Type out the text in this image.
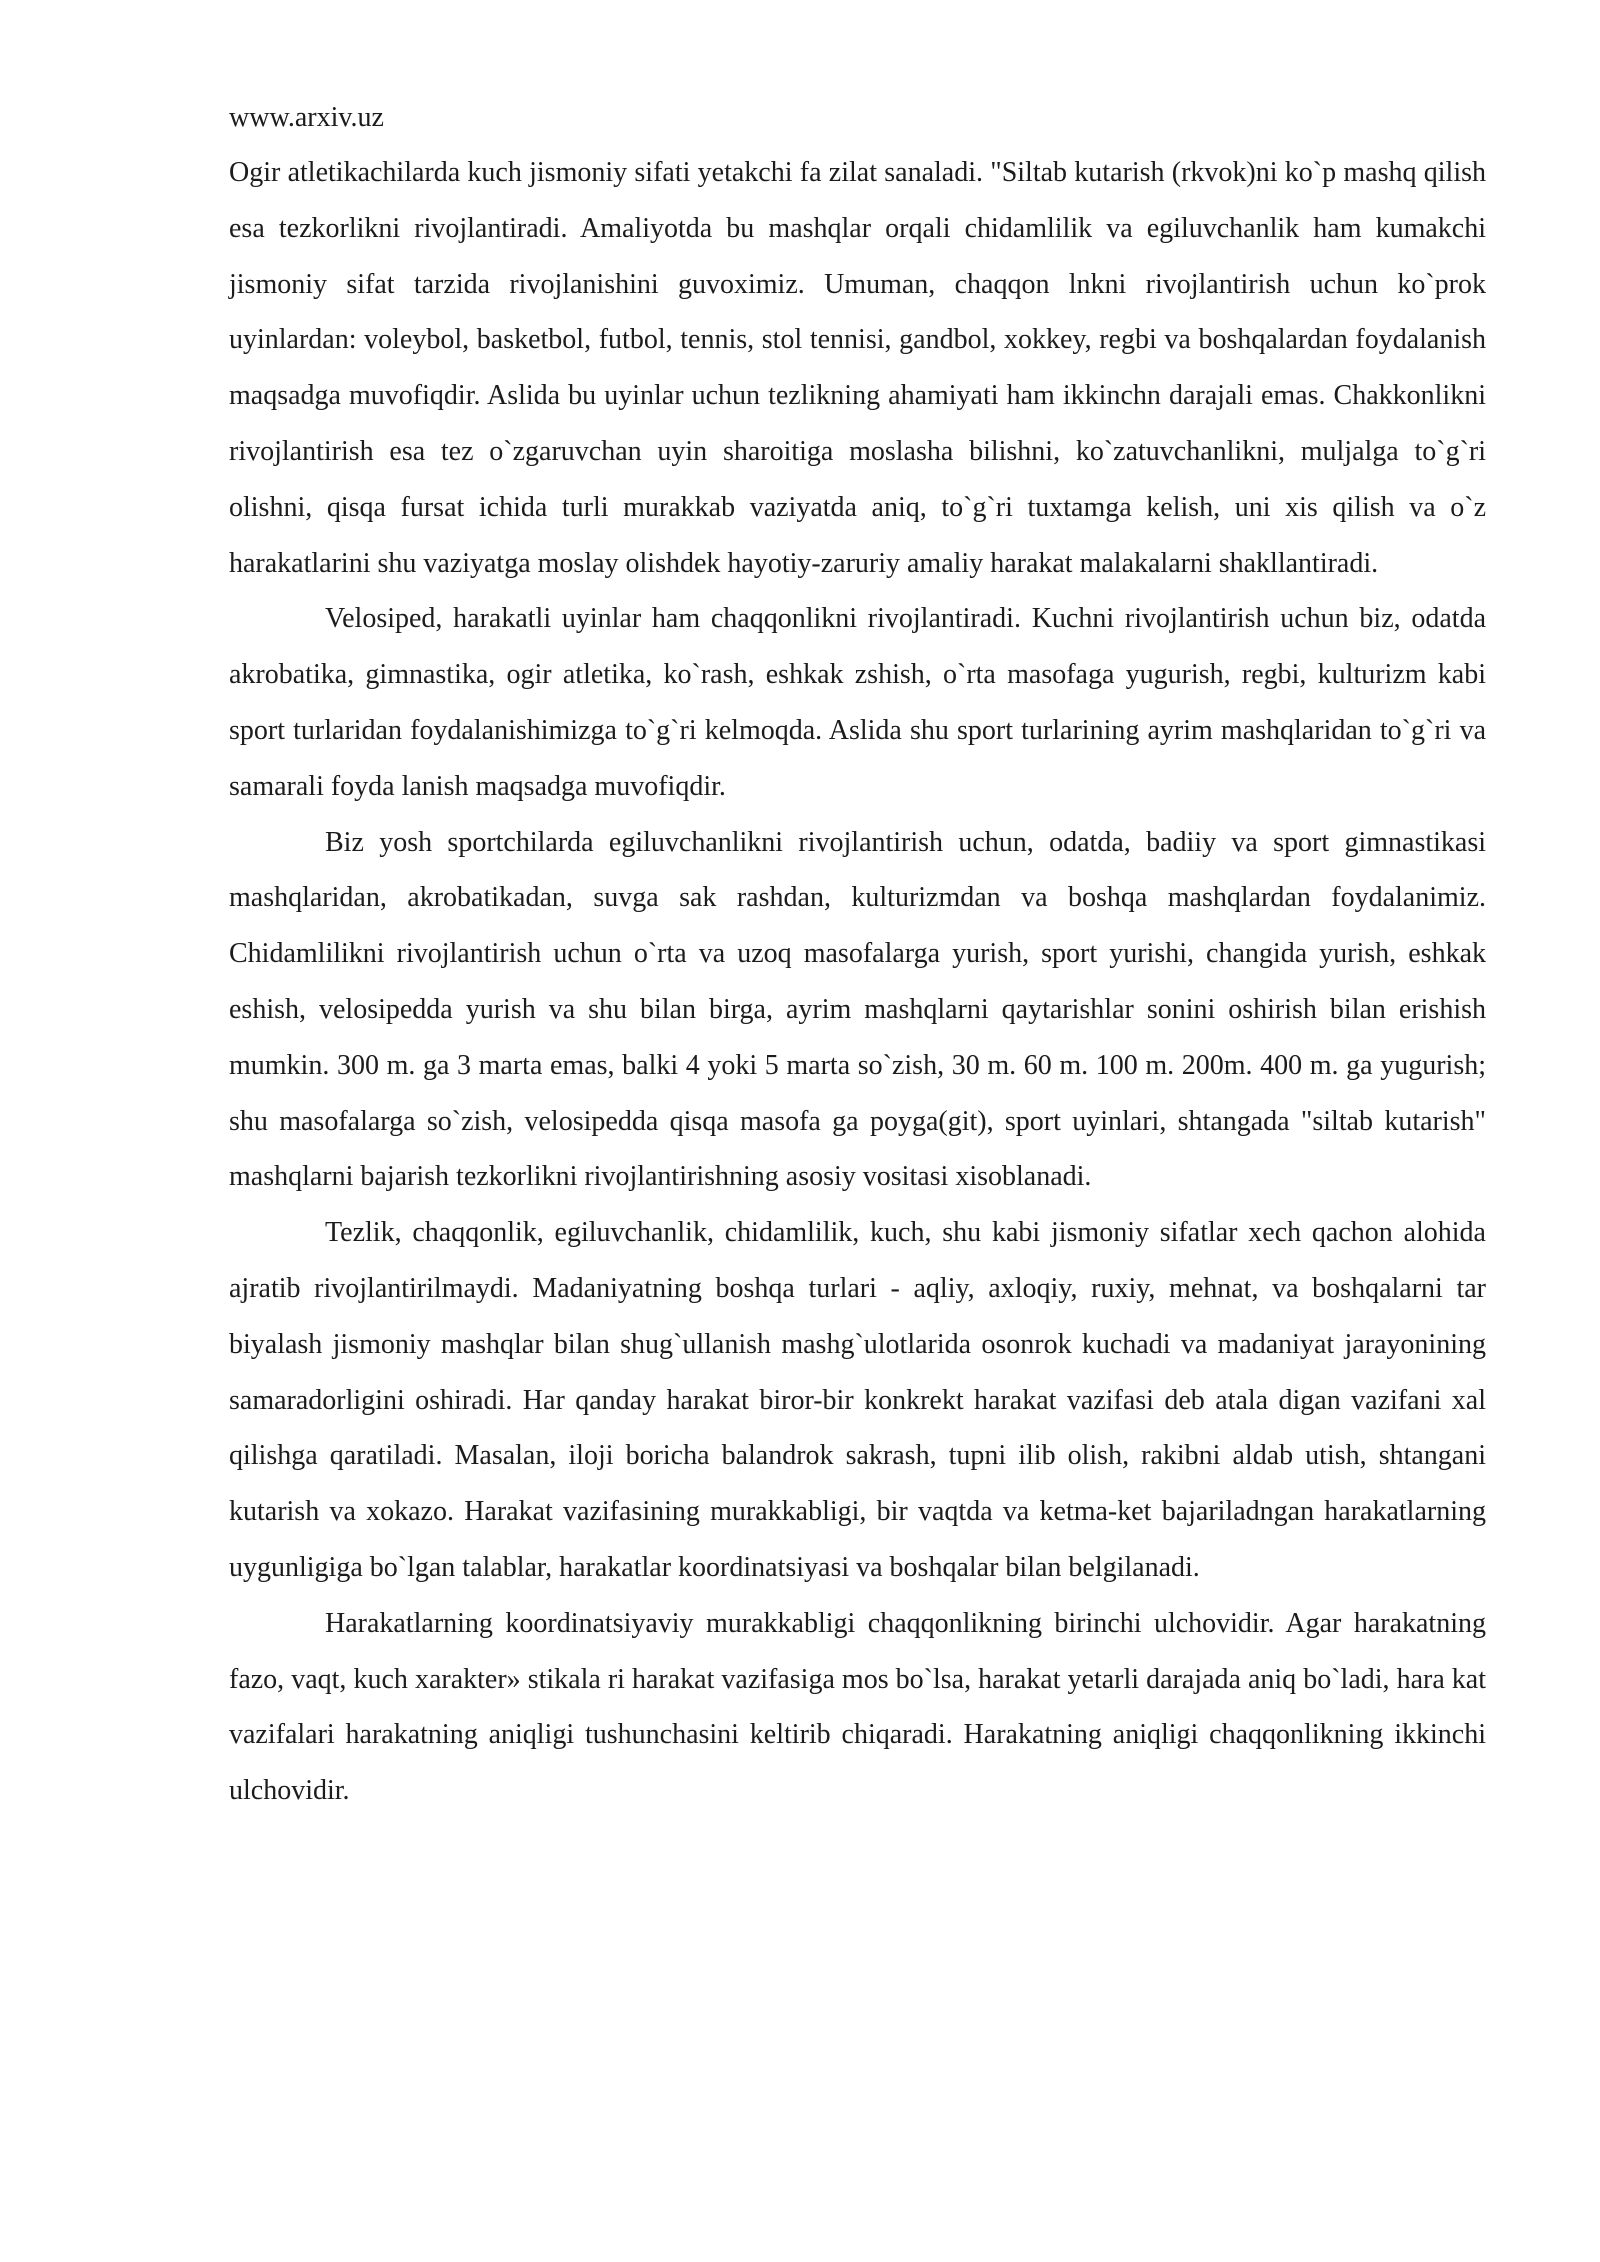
www.arxiv.uz

Ogir atletikachilarda kuch jismoniy sifati yetakchi fa zilat sanaladi. "Siltab kutarish (rkvok)ni ko`p mashq qilish esa tezkorlikni rivojlantiradi. Amaliyotda bu mashqlar orqali chidamlilik va egiluvchanlik ham kumakchi jismoniy sifat tarzida rivojlanishini guvoximiz. Umuman, chaqqon lnkni rivojlantirish uchun ko`prok uyinlardan: voleybol, basketbol, futbol, tennis, stol tennisi, gandbol, xokkey, regbi va boshqalardan foydalanish maqsadga muvofiqdir. Aslida bu uyinlar uchun tezlikning ahamiyati ham ikkinchn darajali emas. Chakkonlikni rivojlantirish esa tez o`zgaruvchan uyin sharoitiga moslasha bilishni, ko`zatuvchanlikni, muljalga to`g`ri olishni, qisqa fursat ichida turli murakkab vaziyatda aniq, to`g`ri tuxtamga kelish, uni xis qilish va o`z harakatlarini shu vaziyatga moslay olishdek hayotiy-zaruriy amaliy harakat malakalarni shakllantiradi.

Velosiped, harakatli uyinlar ham chaqqonlikni rivojlantiradi. Kuchni rivojlantirish uchun biz, odatda akrobatika, gimnastika, ogir atletika, ko`rash, eshkak zshish, o`rta masofaga yugurish, regbi, kulturizm kabi sport turlaridan foydalanishimizga to`g`ri kelmoqda. Aslida shu sport turlarining ayrim mashqlaridan to`g`ri va samarali foyda lanish maqsadga muvofiqdir.

Biz yosh sportchilarda egiluvchanlikni rivojlantirish uchun, odatda, badiiy va sport gimnastikasi mashqlaridan, akrobatikadan, suvga sak rashdan, kulturizmdan va boshqa mashqlardan foydalanimiz. Chidamlilikni rivojlantirish uchun o`rta va uzoq masofalarga yurish, sport yurishi, changida yurish, eshkak eshish, velosipedda yurish va shu bilan birga, ayrim mashqlarni qaytarishlar sonini oshirish bilan erishish mumkin. 300 m. ga 3 marta emas, balki 4 yoki 5 marta so`zish, 30 m. 60 m. 100 m. 200m. 400 m. ga yugurish; shu masofalarga so`zish, velosipedda qisqa masofa ga poyga(git), sport uyinlari, shtangada "siltab kutarish" mashqlarni bajarish tezkorlikni rivojlantirishning asosiy vositasi xisoblanadi.

Tezlik, chaqqonlik, egiluvchanlik, chidamlilik, kuch, shu kabi jismoniy sifatlar xech qachon alohida ajratib rivojlantirilmaydi. Madaniyatning boshqa turlari - aqliy, axloqiy, ruxiy, mehnat, va boshqalarni tar biyalash jismoniy mashqlar bilan shug`ullanish mashg`ulotlarida osonrok kuchadi va madaniyat jarayonining samaradorligini oshiradi. Har qanday harakat biror-bir konkrekt harakat vazifasi deb atala digan vazifani xal qilishga qaratiladi. Masalan, iloji boricha balandrok sakrash, tupni ilib olish, rakibni aldab utish, shtangani kutarish va xokazo. Harakat vazifasining murakkabligi, bir vaqtda va ketma-ket bajariladngan harakatlarning uygunligiga bo`lgan talablar, harakatlar koordinatsiyasi va boshqalar bilan belgilanadi.

Harakatlarning koordinatsiyaviy murakkabligi chaqqonlikning birinchi ulchovidir. Agar harakatning fazo, vaqt, kuch xarakter» stikala ri harakat vazifasiga mos bo`lsa, harakat yetarli darajada aniq bo`ladi, hara kat vazifalari harakatning aniqligi tushunchasini keltirib chiqaradi. Harakatning aniqligi chaqqonlikning ikkinchi ulchovidir.
